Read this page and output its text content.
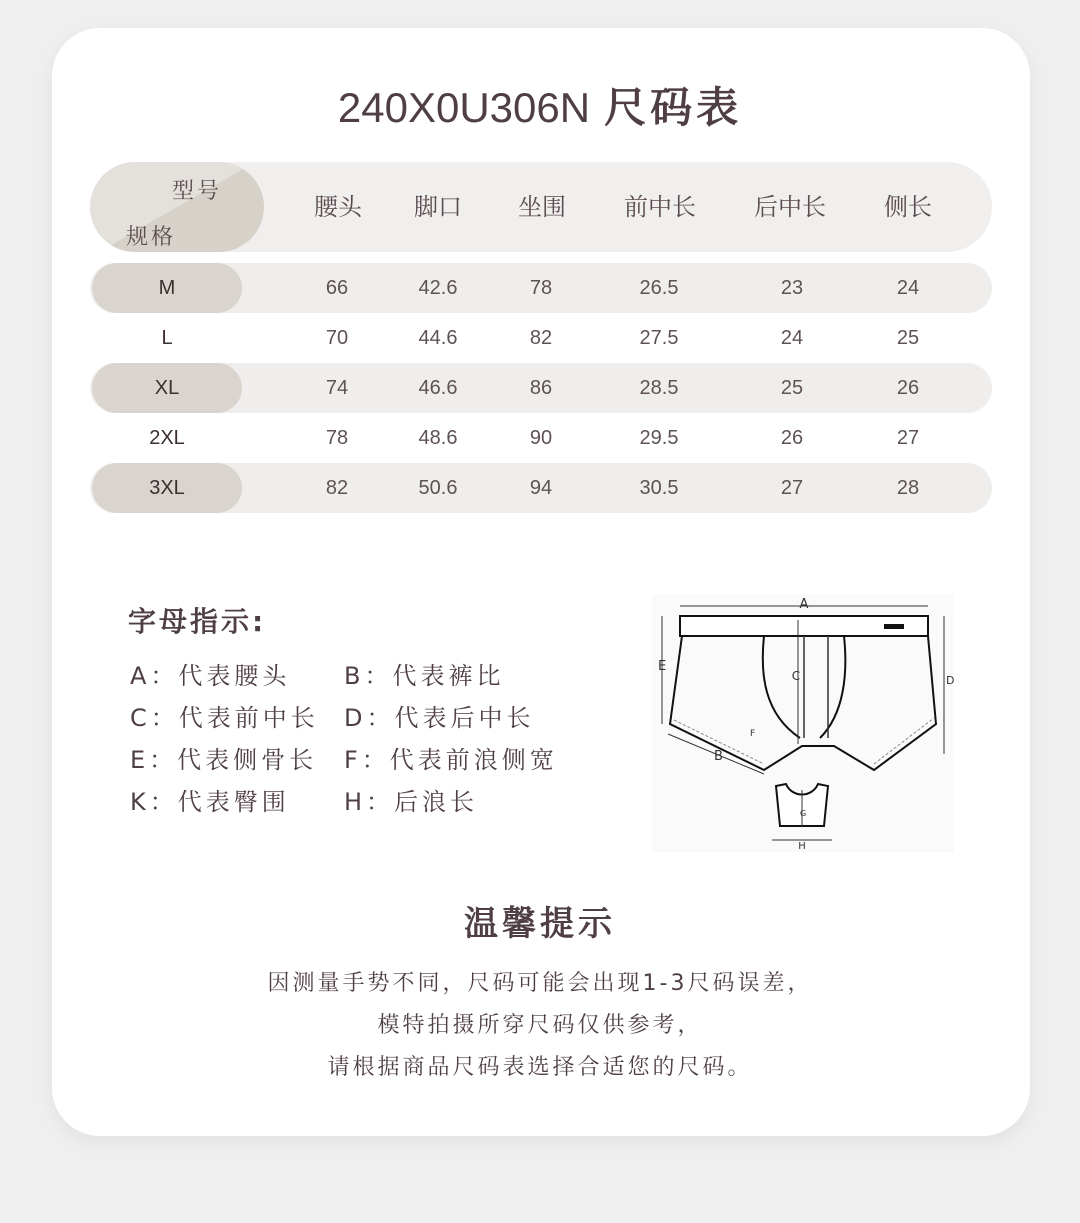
240X0U306N 尺码表
型号
规格
腰头 脚口 坐围 前中长 后中长 侧长
M	66	42.6	78	26.5	23	24
L	70	44.6	82	27.5	24	25
XL	74	46.6	86	28.5	25	26
2XL	78	48.6	90	29.5	26	27
3XL	82	50.6	94	30.5	27	28
字母指示:
A：代表腰头 B：代表裤比
C：代表前中长 D：代表后中长
E：代表侧骨长 F：代表前浪侧宽
K：代表臀围 H：后浪长
A
C	D
E
B
F
G
H
温馨提示
因测量手势不同，尺码可能会出现1-3尺码误差，
模特拍摄所穿尺码仅供参考，
请根据商品尺码表选择合适您的尺码。
